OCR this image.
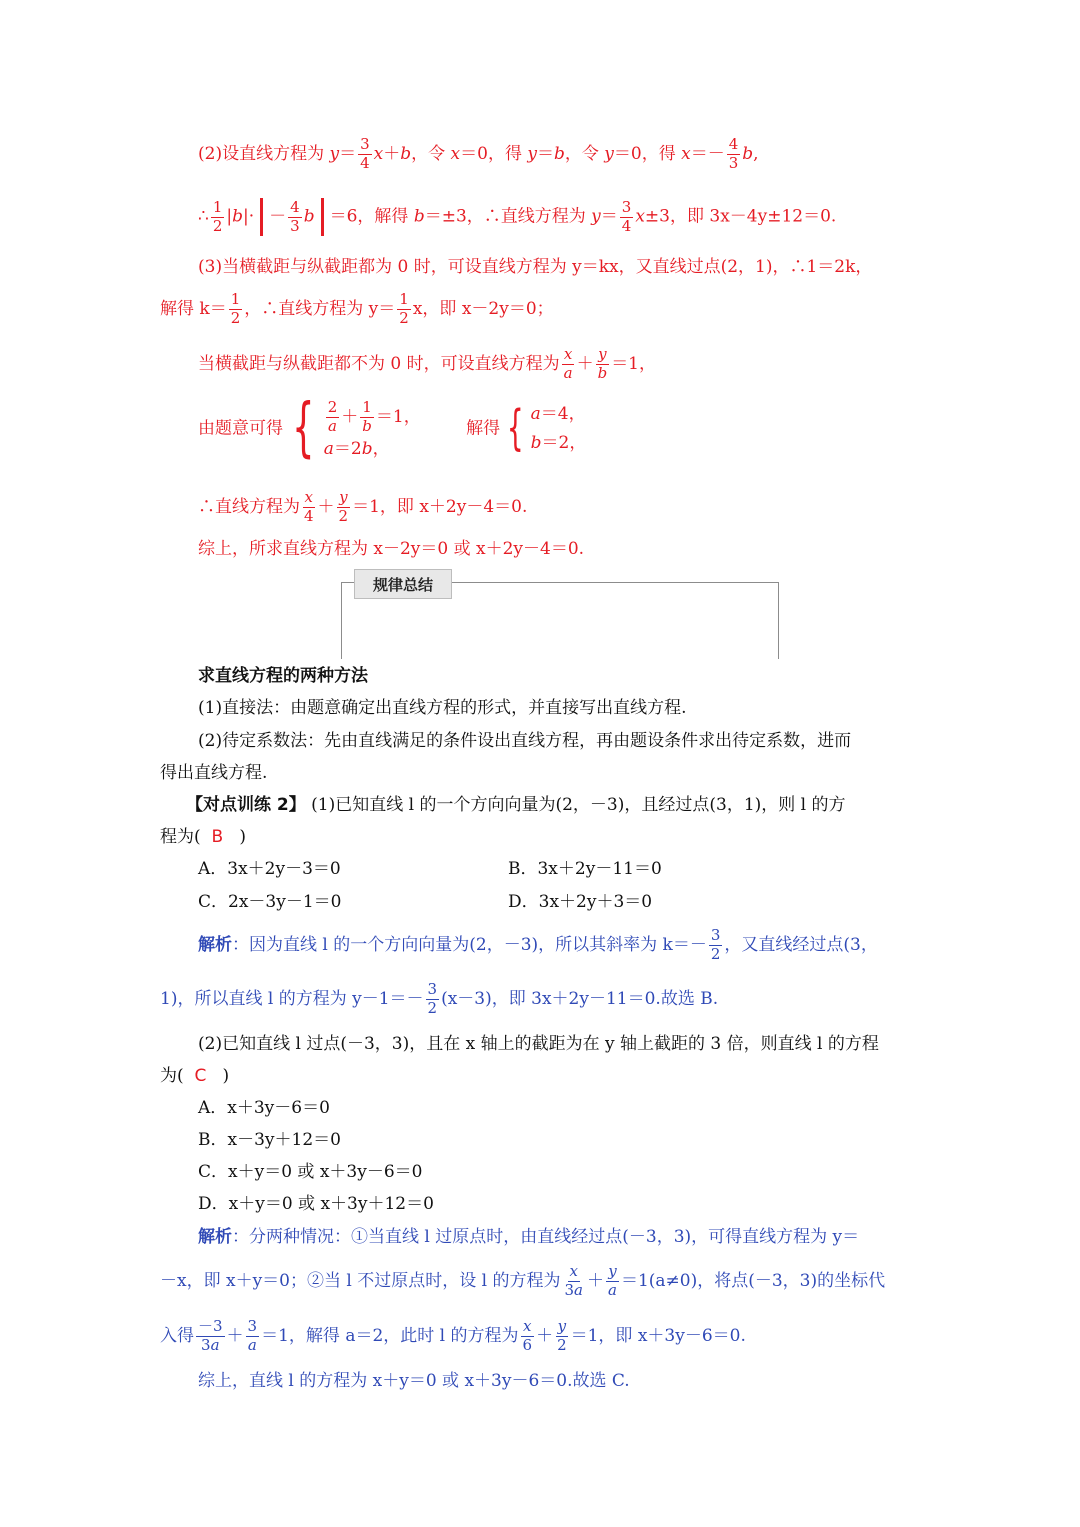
(2)设直线方程为 $y= \frac{3}{4} x+b$，令 x＝0，得 y＝b，令 y＝0，得 $x=- \frac{4}{3} b$,
∴ $\frac{1}{2} |b|\cdot - \frac{4}{3}$ b ＝6，解得 b＝±3，∴直线方程为 $y= \frac{3}{4} x\pm 3$，即 3x－4y±12＝0.
(3)当横截距与纵截距都为 0 时，可设直线方程为 y＝kx，又直线过点(2，1)，∴1＝2k，
解得 $k= \frac{1}{2}$ ，∴直线方程为 $y= \frac{1}{2}$ x，即 x－2y＝0；
当横截距与纵截距都不为 0 时，可设直线方程为 $\frac{x}{a} + \frac{y}{b} =1$，
由题意可得 { $\frac{2}{a} + \frac{1}{b} =1$，
a＝2b，
解得 { a＝4，
b＝2，
∴直线方程为 $\frac{x}{4} + \frac{y}{2} =1$，即 x＋2y－4＝0.
综上，所求直线方程为 x－2y＝0 或 x＋2y－4＝0.
规律总结
求直线方程的两种方法
(1)直接法：由题意确定出直线方程的形式，并直接写出直线方程.
(2)待定系数法：先由直线满足的条件设出直线方程，再由题设条件求出待定系数，进而
得出直线方程.
【对点训练 2】 (1)已知直线 l 的一个方向向量为(2，－3)，且经过点(3，1)，则 l 的方
程为( B )
A．3x＋2y－3＝0	B．3x＋2y－11＝0
C．2x－3y－1＝0	D．3x＋2y＋3＝0
解析：因为直线 l 的一个方向向量为(2，－3)，所以其斜率为 $k=- \frac{3}{2}$ ，又直线经过点(3，
1)，所以直线 l 的方程为 $y-1=- \frac{3}{2} (x-3)$，即 3x＋2y－11＝0.故选 B.
(2)已知直线 l 过点(－3，3)，且在 x 轴上的截距为在 y 轴上截距的 3 倍，则直线 l 的方程
为( C )
A．x＋3y－6＝0
B．x－3y＋12＝0
C．x＋y＝0 或 x＋3y－6＝0
D．x＋y＝0 或 x＋3y＋12＝0
解析：分两种情况：①当直线 l 过原点时，由直线经过点(－3，3)，可得直线方程为 y＝
－x，即 x＋y＝0；②当 l 不过原点时，设 l 的方程为 $\frac{x}{3a} + \frac{y}{a} =1(a\ne 0)$，将点(－3，3)的坐标代
入得 $\frac{-3}{3a} + \frac{3}{a} =1$，解得 a＝2，此时 l 的方程为 $\frac{x}{6} + \frac{y}{2} =1$，即 x＋3y－6＝0.
综上，直线 l 的方程为 x＋y＝0 或 x＋3y－6＝0.故选 C.
